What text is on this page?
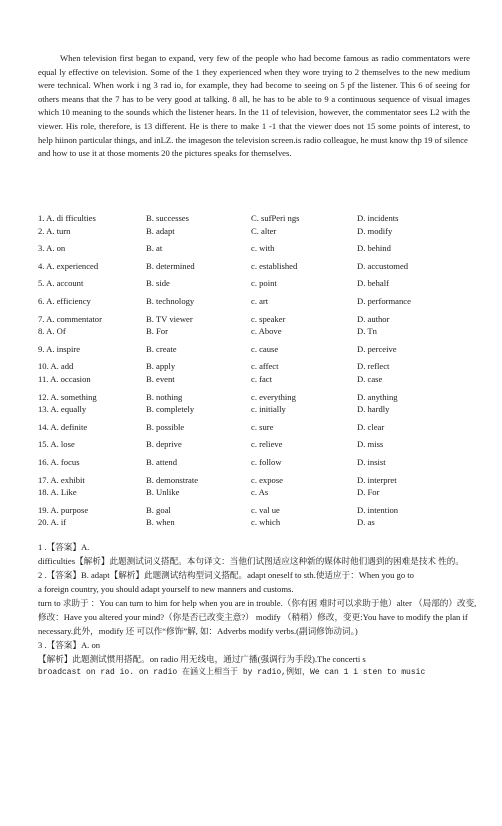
When television first began to expand, very few of the people who had become famous as radio commentators were equal ly effective on television. Some of the 1 they experienced when they wore trying to 2 themselves to the new medium were technical. When work i ng 3 rad io, for example, they had become to seeing on 5 pf the listener. This 6 of seeing for others means that the 7 has to be very good at talking. 8 all, he has to be able to 9 a continuous sequence of visual images which 10 meaning to the sounds which the listener hears. In the 11 of television, however, the commentator sees L2 with the viewer. His role, therefore, is 13 different. He is there to make 1 -1 that the viewer does not 15 some points of interest, to help hiinon particular things, and inLZ. the imageson the television screen.is radio colleague, he must know thp 19 of silence

and how to use it at those moments 20 the pictures speaks for themselves.

1. A. di fficulties	B. successes	C. sufPeri ngs	D. incidents
2. A. turn	B. adapt	C. alter	D. modify
3. A. on	B. at	c. with	D. behind
4. A. experienced	B. determined	c. established	D. accustomed
5. A. account	B. side	c. point	D. behalf
6. A. efficiency	B. technology	c. art	D. performance
7. A. commentator	B. TV viewer	c. speaker	D. author
8. A. Of	B. For	c. Above	D. Tn
9. A. inspire	B. create	c. cause	D. perceive
10. A. add	B. apply	c. affect	D. reflect
11. A. occasion	B. event	c. fact	D. case
12. A. something	B. nothing	c. everything	D. anything
13. A. equally	B. completely	c. initially	D. hardly
14. A. definite	B. possible	c. sure	D. clear
15. A. lose	B. deprive	c. relieve	D. miss
16. A. focus	B. attend	c. follow	D. insist
17. A. exhibit	B. demonstrate	c. expose	D. interpret
18. A. Like	B. Unlike	c. As	D. For
19. A. purpose	B. goal	c. val ue	D. intention
20. A. if	B. when	c. which	D. as

1 .【答案】A.

difficulties【解析】此题测试词义搭配。本句译文：当他们试图适应这种新的媒体时他们遇到的困难是技术 性的。

2 .【答案】B. adapt【解析】此题测试结构型词义搭配。adapt oneself to sth.使适应于：When you go to

a foreign country, you should adapt yourself to new manners and customs.

turn to 求助于 ：You can turn to him for help when you are in trouble.（你有困 难时可以求助于他）alter （局部的）改变, 修改：Have you altered your mind?（你是否已改变主意?） modify （稍稍）修改，变更:You have to modify the plan if necessary.此外，modify 还 可以作“修饰”解, 如：Adverbs modify verbs.(副词修饰动词。)

3 .【答案】A. on

【解析】此题测试惯用搭配。on radio 用无线电，通过广播(强调行为手段).The concerti s

broadcast on rad io. on radio 在涵义上相当于 by radio,例如，We can 1 i sten to music
